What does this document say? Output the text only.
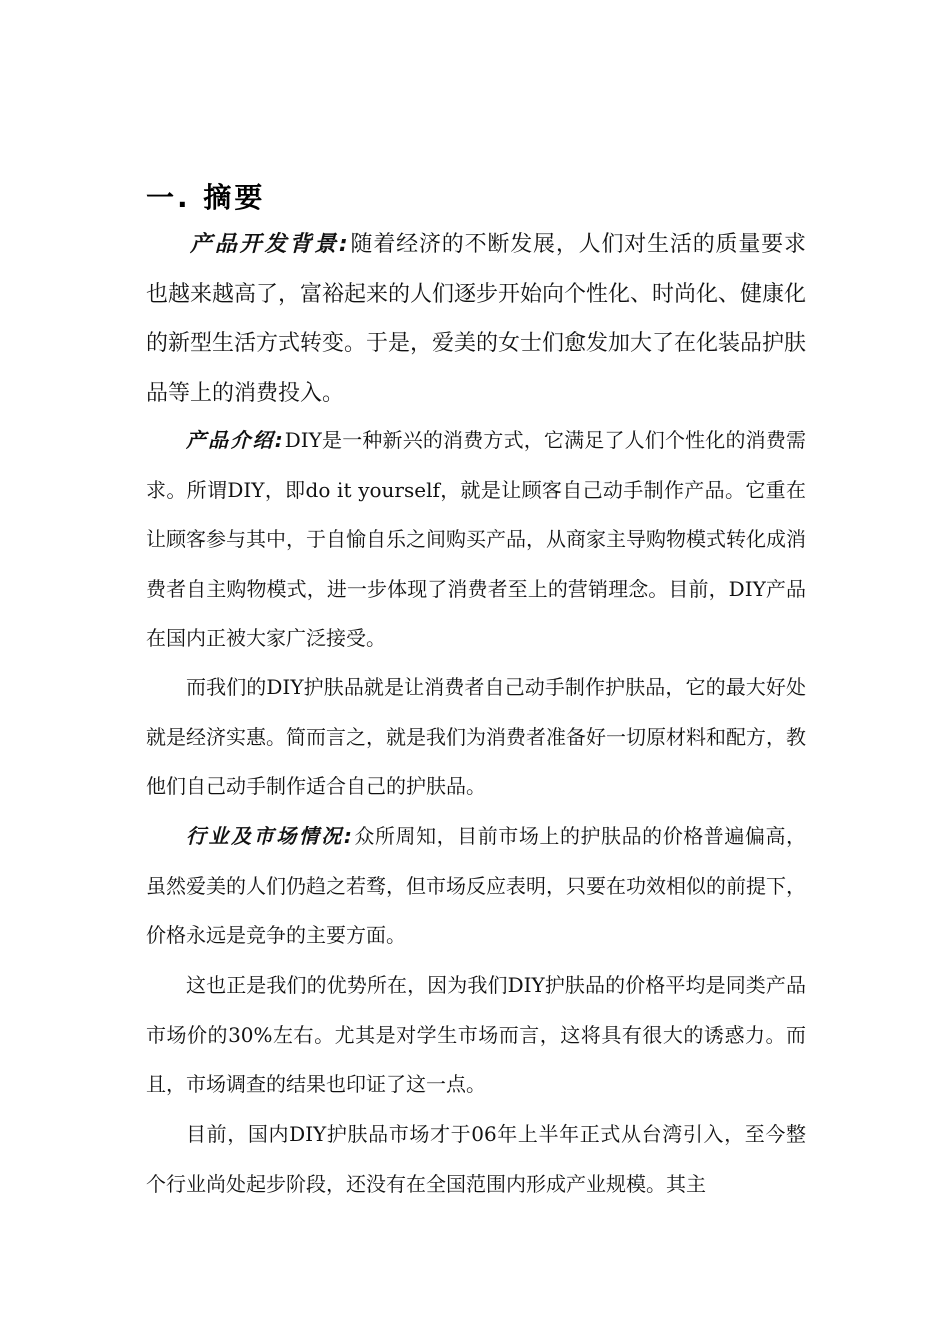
一. 摘要

产品开发背景:随着经济的不断发展，人们对生活的质量要求也越来越高了，富裕起来的人们逐步开始向个性化、时尚化、健康化的新型生活方式转变。于是，爱美的女士们愈发加大了在化装品护肤品等上的消费投入。

产品介绍:DIY是一种新兴的消费方式，它满足了人们个性化的消费需求。所谓DIY，即do it yourself，就是让顾客自己动手制作产品。它重在让顾客参与其中，于自愉自乐之间购买产品，从商家主导购物模式转化成消费者自主购物模式，进一步体现了消费者至上的营销理念。目前，DIY产品在国内正被大家广泛接受。

而我们的DIY护肤品就是让消费者自己动手制作护肤品，它的最大好处就是经济实惠。简而言之，就是我们为消费者准备好一切原材料和配方，教他们自己动手制作适合自己的护肤品。

行业及市场情况:众所周知，目前市场上的护肤品的价格普遍偏高，虽然爱美的人们仍趋之若骛，但市场反应表明，只要在功效相似的前提下，价格永远是竞争的主要方面。

这也正是我们的优势所在，因为我们DIY护肤品的价格平均是同类产品市场价的30%左右。尤其是对学生市场而言，这将具有很大的诱惑力。而且，市场调查的结果也印证了这一点。

目前，国内DIY护肤品市场才于06年上半年正式从台湾引入，至今整个行业尚处起步阶段，还没有在全国范围内形成产业规模。其主
